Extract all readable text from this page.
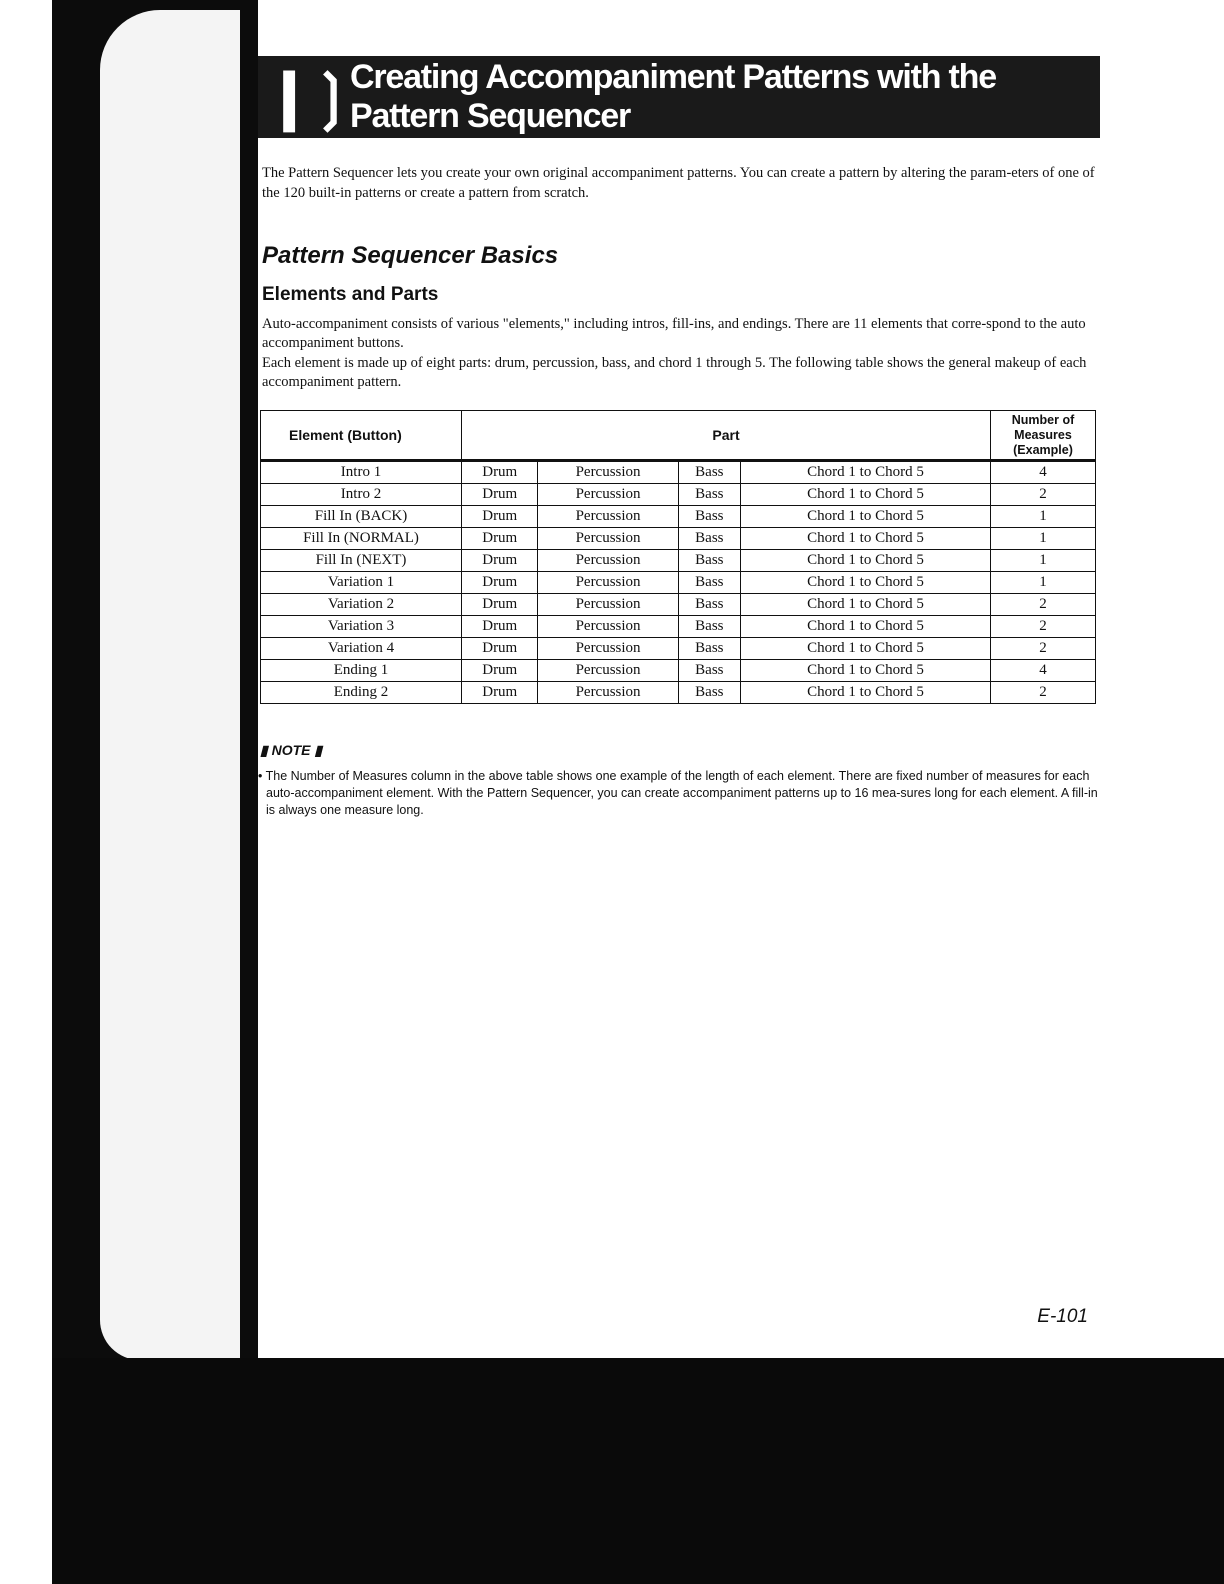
❙❳ Creating Accompaniment Patterns with the Pattern Sequencer
The Pattern Sequencer lets you create your own original accompaniment patterns. You can create a pattern by altering the param-eters of one of the 120 built-in patterns or create a pattern from scratch.
Pattern Sequencer Basics
Elements and Parts
Auto-accompaniment consists of various "elements," including intros, fill-ins, and endings. There are 11 elements that corre-spond to the auto accompaniment buttons.
Each element is made up of eight parts: drum, percussion, bass, and chord 1 through 5. The following table shows the general makeup of each accompaniment pattern.
Element (Button)	Part				Number of Measures (Example)
Intro 1	Drum	Percussion	Bass	Chord 1 to Chord 5	4
Intro 2	Drum	Percussion	Bass	Chord 1 to Chord 5	2
Fill In (BACK)	Drum	Percussion	Bass	Chord 1 to Chord 5	1
Fill In (NORMAL)	Drum	Percussion	Bass	Chord 1 to Chord 5	1
Fill In (NEXT)	Drum	Percussion	Bass	Chord 1 to Chord 5	1
Variation 1	Drum	Percussion	Bass	Chord 1 to Chord 5	1
Variation 2	Drum	Percussion	Bass	Chord 1 to Chord 5	2
Variation 3	Drum	Percussion	Bass	Chord 1 to Chord 5	2
Variation 4	Drum	Percussion	Bass	Chord 1 to Chord 5	2
Ending 1	Drum	Percussion	Bass	Chord 1 to Chord 5	4
Ending 2	Drum	Percussion	Bass	Chord 1 to Chord 5	2
▮ NOTE ▮
• The Number of Measures column in the above table shows one example of the length of each element. There are fixed number of measures for each auto-accompaniment element. With the Pattern Sequencer, you can create accompaniment patterns up to 16 mea-sures long for each element. A fill-in is always one measure long.
E-101
